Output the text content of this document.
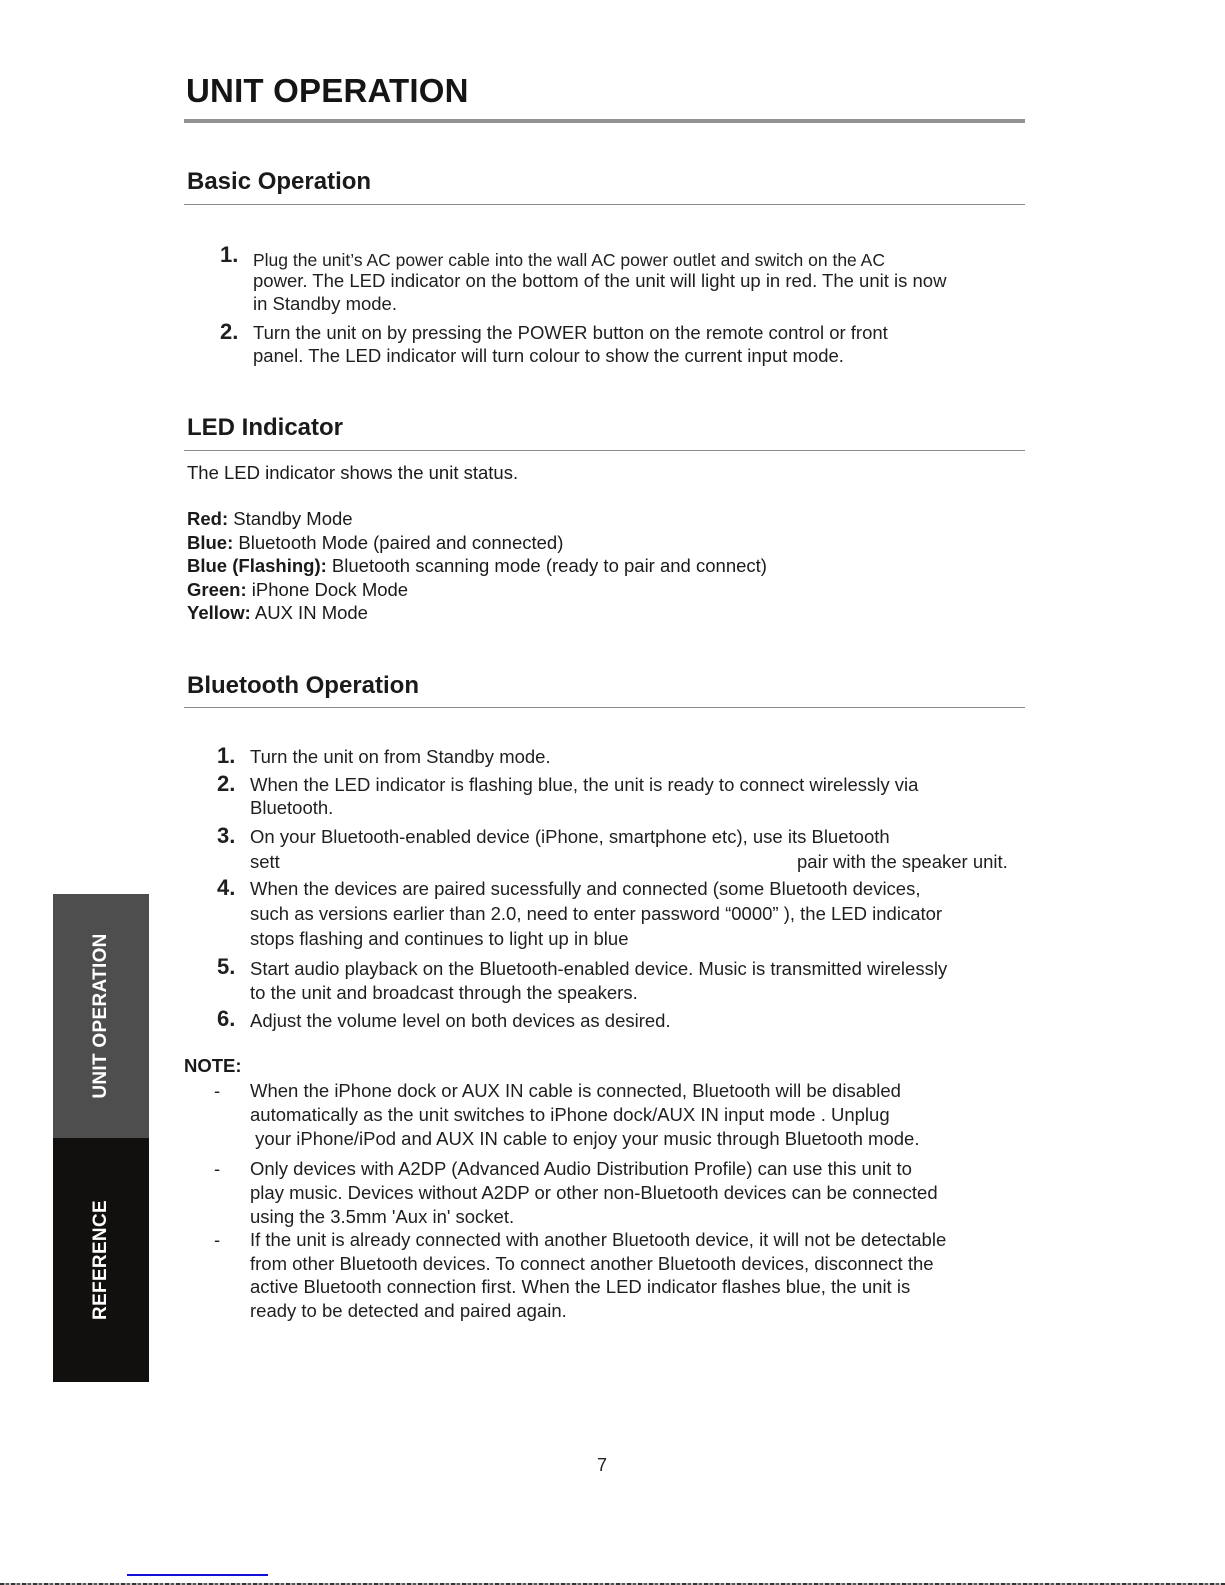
UNIT OPERATION
Basic Operation
1. Plug the unit’s AC power cable into the wall AC power outlet and switch on the AC
power. The LED indicator on the bottom of the unit will light up in red. The unit is now
in Standby mode.
2. Turn the unit on by pressing the POWER button on the remote control or front
panel. The LED indicator will turn colour to show the current input mode.
LED Indicator
The LED indicator shows the unit status.
Red: Standby Mode
Blue: Bluetooth Mode (paired and connected)
Blue (Flashing): Bluetooth scanning mode (ready to pair and connect)
Green: iPhone Dock Mode
Yellow: AUX IN Mode
Bluetooth Operation
1. Turn the unit on from Standby mode.
2. When the LED indicator is flashing blue, the unit is ready to connect wirelessly via
Bluetooth.
3. On your Bluetooth-enabled device (iPhone, smartphone etc), use its Bluetooth
sett	pair with the speaker unit.
4. When the devices are paired sucessfully and connected (some Bluetooth devices,
such as versions earlier than 2.0, need to enter password “0000” ), the LED indicator
stops flashing and continues to light up in blue
5. Start audio playback on the Bluetooth-enabled device. Music is transmitted wirelessly
to the unit and broadcast through the speakers.
6. Adjust the volume level on both devices as desired.
NOTE:
- When the iPhone dock or AUX IN cable is connected, Bluetooth will be disabled
automatically as the unit switches to iPhone dock/AUX IN input mode . Unplug
your iPhone/iPod and AUX IN cable to enjoy your music through Bluetooth mode.
- Only devices with A2DP (Advanced Audio Distribution Profile) can use this unit to
play music. Devices without A2DP or other non-Bluetooth devices can be connected
using the 3.5mm 'Aux in' socket.
- If the unit is already connected with another Bluetooth device, it will not be detectable
from other Bluetooth devices. To connect another Bluetooth devices, disconnect the
active Bluetooth connection first. When the LED indicator flashes blue, the unit is
ready to be detected and paired again.
UNIT OPERATION
REFERENCE
7
